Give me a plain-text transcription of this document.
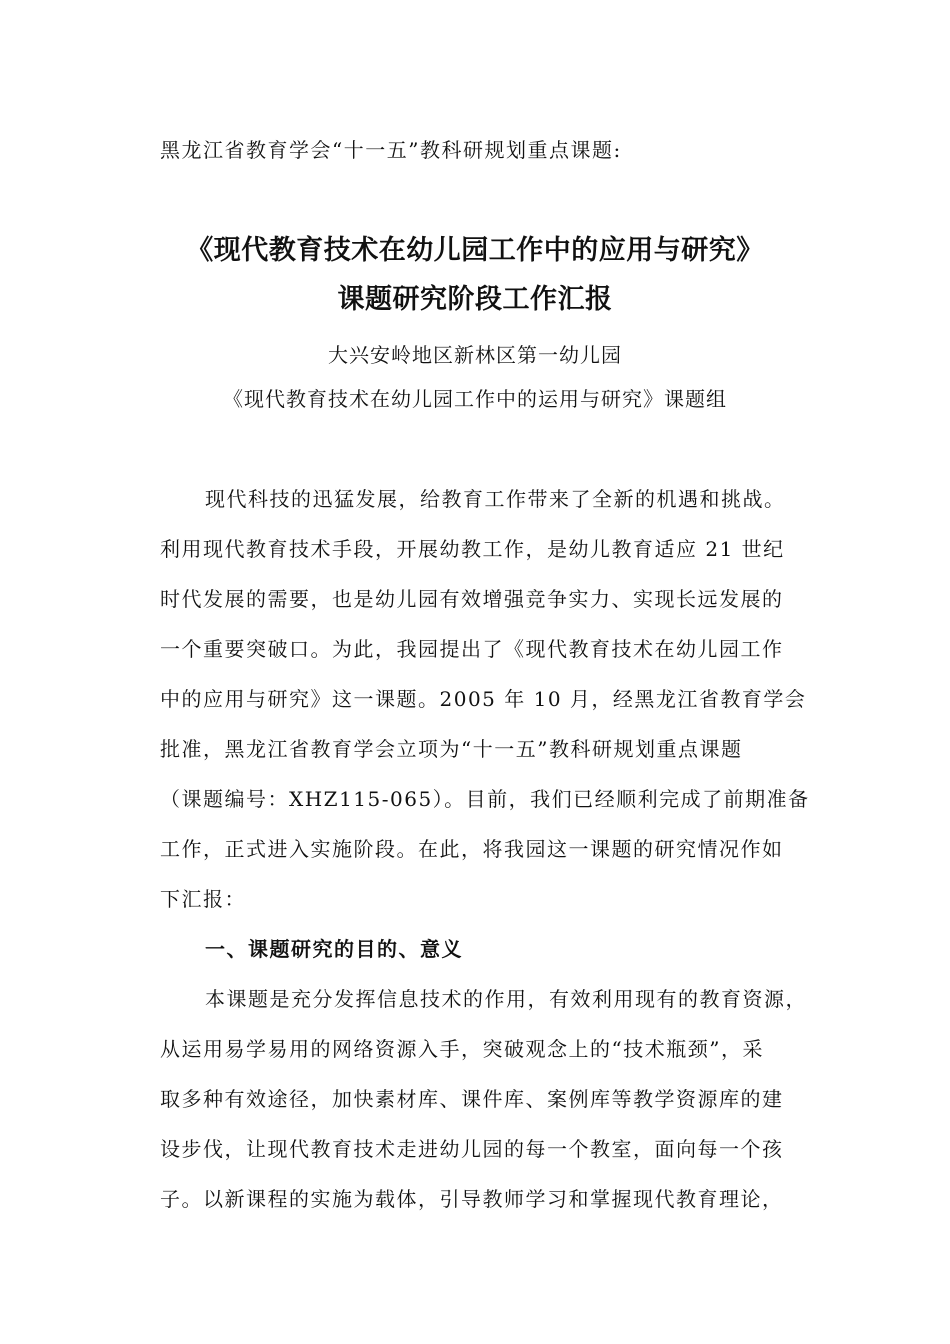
黑龙江省教育学会“十一五”教科研规划重点课题:
《现代教育技术在幼儿园工作中的应用与研究》
课题研究阶段工作汇报
大兴安岭地区新林区第一幼儿园
《现代教育技术在幼儿园工作中的运用与研究》课题组
现代科技的迅猛发展，给教育工作带来了全新的机遇和挑战。
利用现代教育技术手段，开展幼教工作，是幼儿教育适应 21 世纪
时代发展的需要，也是幼儿园有效增强竞争实力、实现长远发展的
一个重要突破口。为此，我园提出了《现代教育技术在幼儿园工作
中的应用与研究》这一课题。2005 年 10 月，经黑龙江省教育学会
批准，黑龙江省教育学会立项为“十一五”教科研规划重点课题
（课题编号：XHZ115-065）。目前，我们已经顺利完成了前期准备
工作，正式进入实施阶段。在此，将我园这一课题的研究情况作如
下汇报：
一、课题研究的目的、意义
本课题是充分发挥信息技术的作用，有效利用现有的教育资源，
从运用易学易用的网络资源入手，突破观念上的“技术瓶颈”，采
取多种有效途径，加快素材库、课件库、案例库等教学资源库的建
设步伐，让现代教育技术走进幼儿园的每一个教室，面向每一个孩
子。以新课程的实施为载体，引导教师学习和掌握现代教育理论，
